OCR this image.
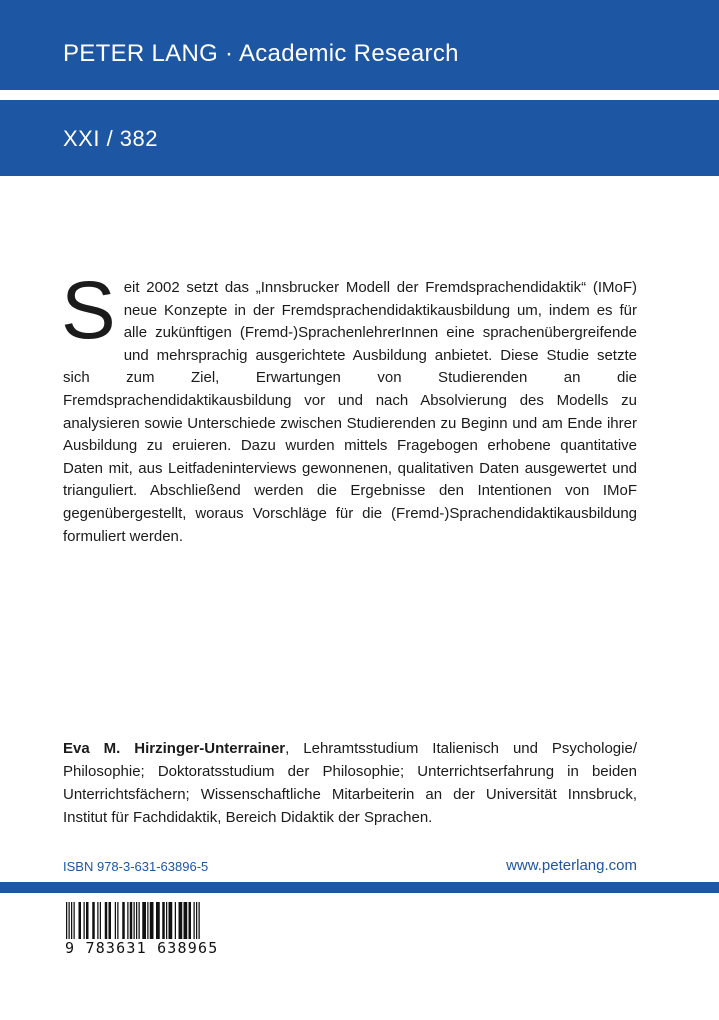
PETER LANG · Academic Research
XXI / 382

Seit 2002 setzt das „Innsbrucker Modell der Fremdsprachendidaktik“ (IMoF) neue Konzepte in der Fremdsprachendidaktikausbildung um, indem es für alle zukünftigen (Fremd-)SprachenlehrerInnen eine sprachenübergreifende und mehrsprachig ausgerichtete Ausbildung anbietet. Diese Studie setzte sich zum Ziel, Erwartungen von Studierenden an die Fremdsprachendidaktikausbildung vor und nach Absolvierung des Modells zu analysieren sowie Unterschiede zwischen Studierenden zu Beginn und am Ende ihrer Ausbildung zu eruieren. Dazu wurden mittels Fragebogen erhobene quantitative Daten mit, aus Leitfadeninterviews gewonnenen, qualitativen Daten ausgewertet und trianguliert. Abschließend werden die Ergebnisse den Intentionen von IMoF gegenübergestellt, woraus Vorschläge für die (Fremd-)Sprachendidaktikausbildung formuliert werden.

Eva M. Hirzinger-Unterrainer, Lehramtsstudium Italienisch und Psychologie/ Philosophie; Doktoratsstudium der Philosophie; Unterrichtserfahrung in beiden Unterrichtsfächern; Wissenschaftliche Mitarbeiterin an der Universität Innsbruck, Institut für Fachdidaktik, Bereich Didaktik der Sprachen.

ISBN 978-3-631-63896-5	www.peterlang.com
9 783631 638965
